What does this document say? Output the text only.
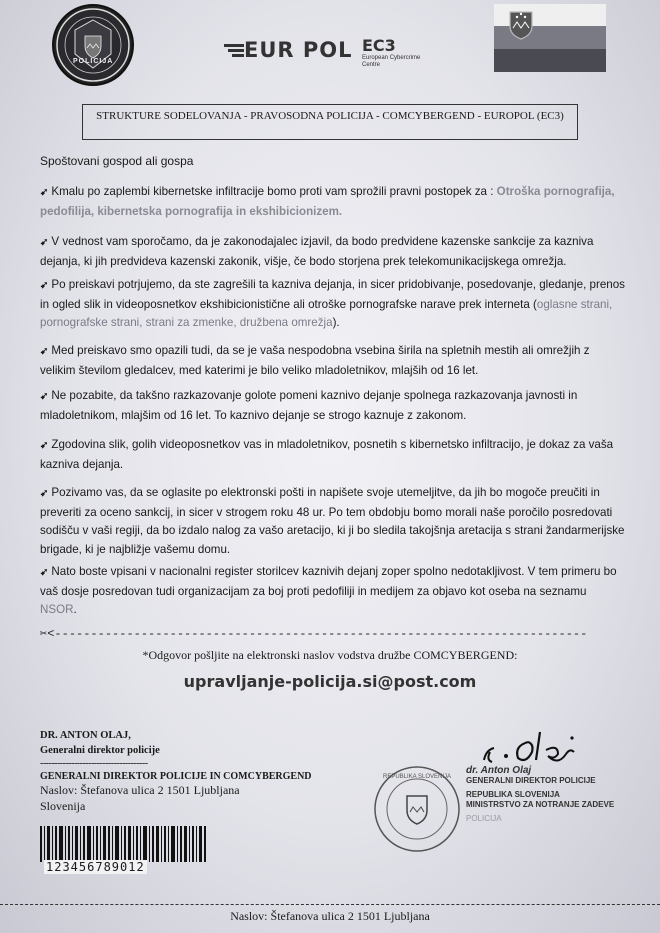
POLICIJA	EUR POL EC3
European Cybercrime Centre
STRUKTURE SODELOVANJA - PRAVOSODNA POLICIJA - COMCYBERGEND - EUROPOL (EC3)
Spoštovani gospod ali gospa
➹ Kmalu po zaplembi kibernetske infiltracije bomo proti vam sprožili pravni postopek za : Otroška pornografija, pedofilija, kibernetska pornografija in ekshibicionizem.
➹ V vednost vam sporočamo, da je zakonodajalec izjavil, da bodo predvidene kazenske sankcije za kazniva dejanja, ki jih predvideva kazenski zakonik, višje, če bodo storjena prek telekomunikacijskega omrežja.
➹ Po preiskavi potrjujemo, da ste zagrešili ta kazniva dejanja, in sicer pridobivanje, posedovanje, gledanje, prenos in ogled slik in videoposnetkov ekshibicionistične ali otroške pornografske narave prek interneta (oglasne strani, pornografske strani, strani za zmenke, družbena omrežja).
➹ Med preiskavo smo opazili tudi, da se je vaša nespodobna vsebina širila na spletnih mestih ali omrežjih z velikim številom gledalcev, med katerimi je bilo veliko mladoletnikov, mlajših od 16 let.
➹ Ne pozabite, da takšno razkazovanje golote pomeni kaznivo dejanje spolnega razkazovanja javnosti in mladoletnikom, mlajšim od 16 let. To kaznivo dejanje se strogo kaznuje z zakonom.
➹ Zgodovina slik, golih videoposnetkov vas in mladoletnikov, posnetih s kibernetsko infiltracijo, je dokaz za vaša kazniva dejanja.
➹ Pozivamo vas, da se oglasite po elektronski pošti in napišete svoje utemeljitve, da jih bo mogoče preučiti in preveriti za oceno sankcij, in sicer v strogem roku 48 ur. Po tem obdobju bomo morali naše poročilo posredovati sodišču v vaši regiji, da bo izdalo nalog za vašo aretacijo, ki ji bo sledila takojšnja aretacija s strani žandarmerijske brigade, ki je najbližje vašemu domu.
➹ Nato boste vpisani v nacionalni register storilcev kaznivih dejanj zoper spolno nedotakljivost. V tem primeru bo vaš dosje posredovan tudi organizacijam za boj proti pedofiliji in medijem za objavo kot oseba na seznamu NSOR.
✂<--------------------------------------------------------------------------
*Odgovor pošljite na elektronski naslov vodstva družbe COMCYBERGEND:
upravljanje-policija.si@post.com
DR. ANTON OLAJ,
Generalni direktor policije
--------------------------------------
GENERALNI DIREKTOR POLICIJE IN COMCYBERGEND
Naslov: Štefanova ulica 2 1501 Ljubljana
Slovenija
123456789012
REPUBLIKA SLOVENIJA
dr. Anton Olaj
GENERALNI DIREKTOR POLICIJE
REPUBLIKA SLOVENIJA
MINISTRSTVO ZA NOTRANJE ZADEVE
POLICIJA
Naslov: Štefanova ulica 2 1501 Ljubljana
